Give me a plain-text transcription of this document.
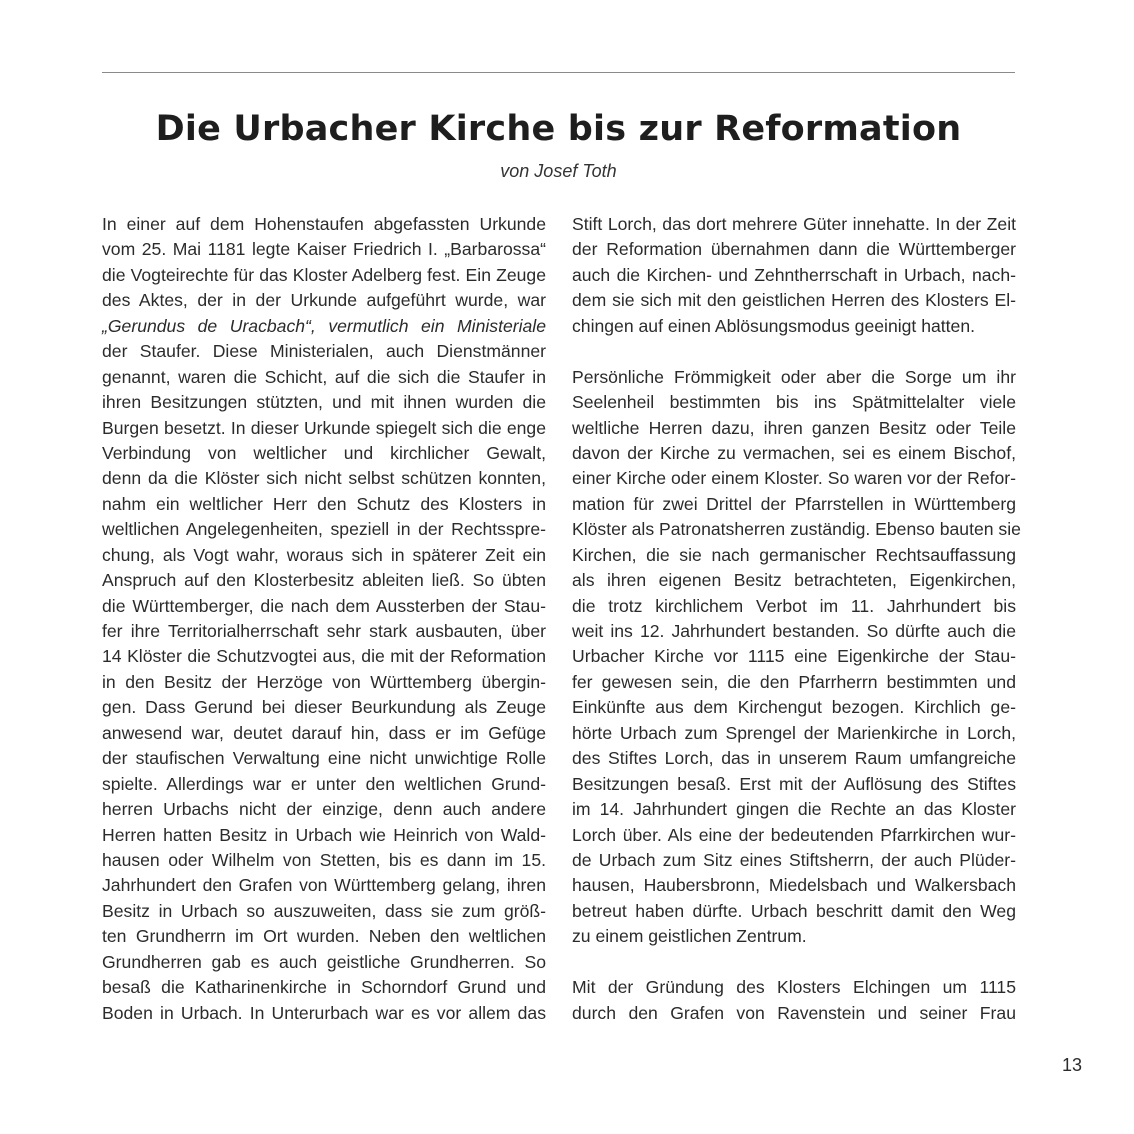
Die Urbacher Kirche bis zur Reformation
von Josef Toth
In einer auf dem Hohenstaufen abgefassten Urkunde
vom 25. Mai 1181 legte Kaiser Friedrich I. „Barbarossa“
die Vogteirechte für das Kloster Adelberg fest. Ein Zeuge
des Aktes, der in der Urkunde aufgeführt wurde, war
„Gerundus de Uracbach“, vermutlich ein Ministeriale
der Staufer. Diese Ministerialen, auch Dienstmänner
genannt, waren die Schicht, auf die sich die Staufer in
ihren Besitzungen stützten, und mit ihnen wurden die
Burgen besetzt. In dieser Urkunde spiegelt sich die enge
Verbindung von weltlicher und kirchlicher Gewalt,
denn da die Klöster sich nicht selbst schützen konnten,
nahm ein weltlicher Herr den Schutz des Klosters in
weltlichen Angelegenheiten, speziell in der Rechtsspre-
chung, als Vogt wahr, woraus sich in späterer Zeit ein
Anspruch auf den Klosterbesitz ableiten ließ. So übten
die Württemberger, die nach dem Aussterben der Stau-
fer ihre Territorialherrschaft sehr stark ausbauten, über
14 Klöster die Schutzvogtei aus, die mit der Reformation
in den Besitz der Herzöge von Württemberg übergin-
gen. Dass Gerund bei dieser Beurkundung als Zeuge
anwesend war, deutet darauf hin, dass er im Gefüge
der staufischen Verwaltung eine nicht unwichtige Rolle
spielte. Allerdings war er unter den weltlichen Grund-
herren Urbachs nicht der einzige, denn auch andere
Herren hatten Besitz in Urbach wie Heinrich von Wald-
hausen oder Wilhelm von Stetten, bis es dann im 15.
Jahrhundert den Grafen von Württemberg gelang, ihren
Besitz in Urbach so auszuweiten, dass sie zum größ-
ten Grundherrn im Ort wurden. Neben den weltlichen
Grundherren gab es auch geistliche Grundherren. So
besaß die Katharinenkirche in Schorndorf Grund und
Boden in Urbach. In Unterurbach war es vor allem das
Stift Lorch, das dort mehrere Güter innehatte. In der Zeit
der Reformation übernahmen dann die Württemberger
auch die Kirchen- und Zehntherrschaft in Urbach, nach-
dem sie sich mit den geistlichen Herren des Klosters El-
chingen auf einen Ablösungsmodus geeinigt hatten.
Persönliche Frömmigkeit oder aber die Sorge um ihr
Seelenheil bestimmten bis ins Spätmittelalter viele
weltliche Herren dazu, ihren ganzen Besitz oder Teile
davon der Kirche zu vermachen, sei es einem Bischof,
einer Kirche oder einem Kloster. So waren vor der Refor-
mation für zwei Drittel der Pfarrstellen in Württemberg
Klöster als Patronatsherren zuständig. Ebenso bauten sie
Kirchen, die sie nach germanischer Rechtsauffassung
als ihren eigenen Besitz betrachteten, Eigenkirchen,
die trotz kirchlichem Verbot im 11. Jahrhundert bis
weit ins 12. Jahrhundert bestanden. So dürfte auch die
Urbacher Kirche vor 1115 eine Eigenkirche der Stau-
fer gewesen sein, die den Pfarrherrn bestimmten und
Einkünfte aus dem Kirchengut bezogen. Kirchlich ge-
hörte Urbach zum Sprengel der Marienkirche in Lorch,
des Stiftes Lorch, das in unserem Raum umfangreiche
Besitzungen besaß. Erst mit der Auflösung des Stiftes
im 14. Jahrhundert gingen die Rechte an das Kloster
Lorch über. Als eine der bedeutenden Pfarrkirchen wur-
de Urbach zum Sitz eines Stiftsherrn, der auch Plüder-
hausen, Haubersbronn, Miedelsbach und Walkersbach
betreut haben dürfte. Urbach beschritt damit den Weg
zu einem geistlichen Zentrum.
Mit der Gründung des Klosters Elchingen um 1115
durch den Grafen von Ravenstein und seiner Frau
13
